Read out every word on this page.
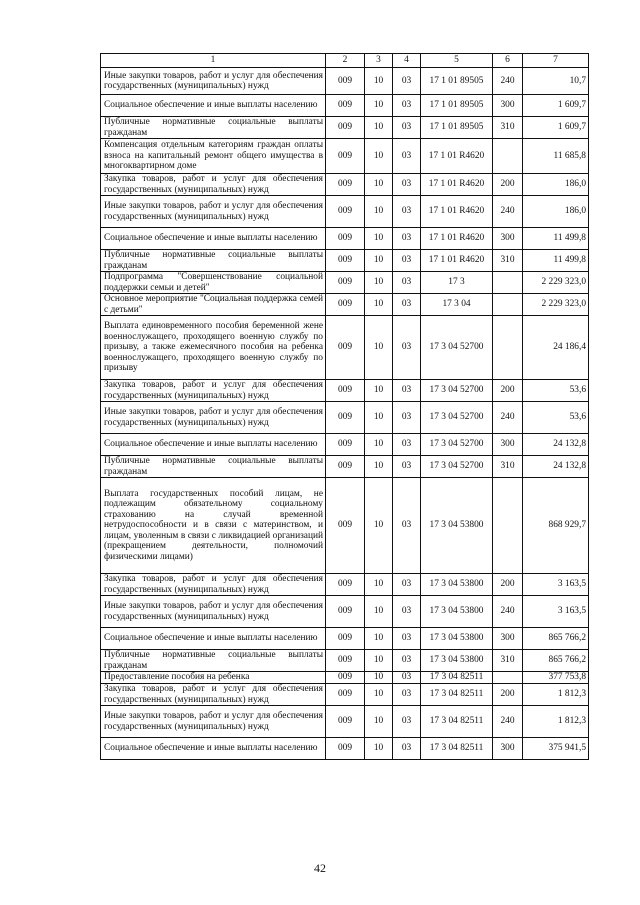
1	2	3	4	5	6	7
Иные закупки товаров, работ и услуг для обеспечения государственных (муниципальных) нужд	009	10	03	17 1 01 89505	240	10,7
Социальное обеспечение и иные выплаты населению	009	10	03	17 1 01 89505	300	1 609,7
Публичные нормативные социальные выплаты гражданам	009	10	03	17 1 01 89505	310	1 609,7
Компенсация отдельным категориям граждан оплаты взноса на капитальный ремонт общего имущества в многоквартирном доме	009	10	03	17 1 01 R4620		11 685,8
Закупка товаров, работ и услуг для обеспечения государственных (муниципальных) нужд	009	10	03	17 1 01 R4620	200	186,0
Иные закупки товаров, работ и услуг для обеспечения государственных (муниципальных) нужд	009	10	03	17 1 01 R4620	240	186,0
Социальное обеспечение и иные выплаты населению	009	10	03	17 1 01 R4620	300	11 499,8
Публичные нормативные социальные выплаты гражданам	009	10	03	17 1 01 R4620	310	11 499,8
Подпрограмма "Совершенствование социальной поддержки семьи и детей"	009	10	03	17 3		2 229 323,0
Основное мероприятие "Социальная поддержка семей с детьми"	009	10	03	17 3 04		2 229 323,0
Выплата единовременного пособия беременной жене военнослужащего, проходящего военную службу по призыву, а также ежемесячного пособия на ребенка военнослужащего, проходящего военную службу по призыву	009	10	03	17 3 04 52700		24 186,4
Закупка товаров, работ и услуг для обеспечения государственных (муниципальных) нужд	009	10	03	17 3 04 52700	200	53,6
Иные закупки товаров, работ и услуг для обеспечения государственных (муниципальных) нужд	009	10	03	17 3 04 52700	240	53,6
Социальное обеспечение и иные выплаты населению	009	10	03	17 3 04 52700	300	24 132,8
Публичные нормативные социальные выплаты гражданам	009	10	03	17 3 04 52700	310	24 132,8
Выплата государственных пособий лицам, не подлежащим обязательному социальному страхованию на случай временной нетрудоспособности и в связи с материнством, и лицам, уволенным в связи с ликвидацией организаций (прекращением деятельности, полномочий физическими лицами)	009	10	03	17 3 04 53800		868 929,7
Закупка товаров, работ и услуг для обеспечения государственных (муниципальных) нужд	009	10	03	17 3 04 53800	200	3 163,5
Иные закупки товаров, работ и услуг для обеспечения государственных (муниципальных) нужд	009	10	03	17 3 04 53800	240	3 163,5
Социальное обеспечение и иные выплаты населению	009	10	03	17 3 04 53800	300	865 766,2
Публичные нормативные социальные выплаты гражданам	009	10	03	17 3 04 53800	310	865 766,2
Предоставление пособия на ребенка	009	10	03	17 3 04 82511		377 753,8
Закупка товаров, работ и услуг для обеспечения государственных (муниципальных) нужд	009	10	03	17 3 04 82511	200	1 812,3
Иные закупки товаров, работ и услуг для обеспечения государственных (муниципальных) нужд	009	10	03	17 3 04 82511	240	1 812,3
Социальное обеспечение и иные выплаты населению	009	10	03	17 3 04 82511	300	375 941,5
42
